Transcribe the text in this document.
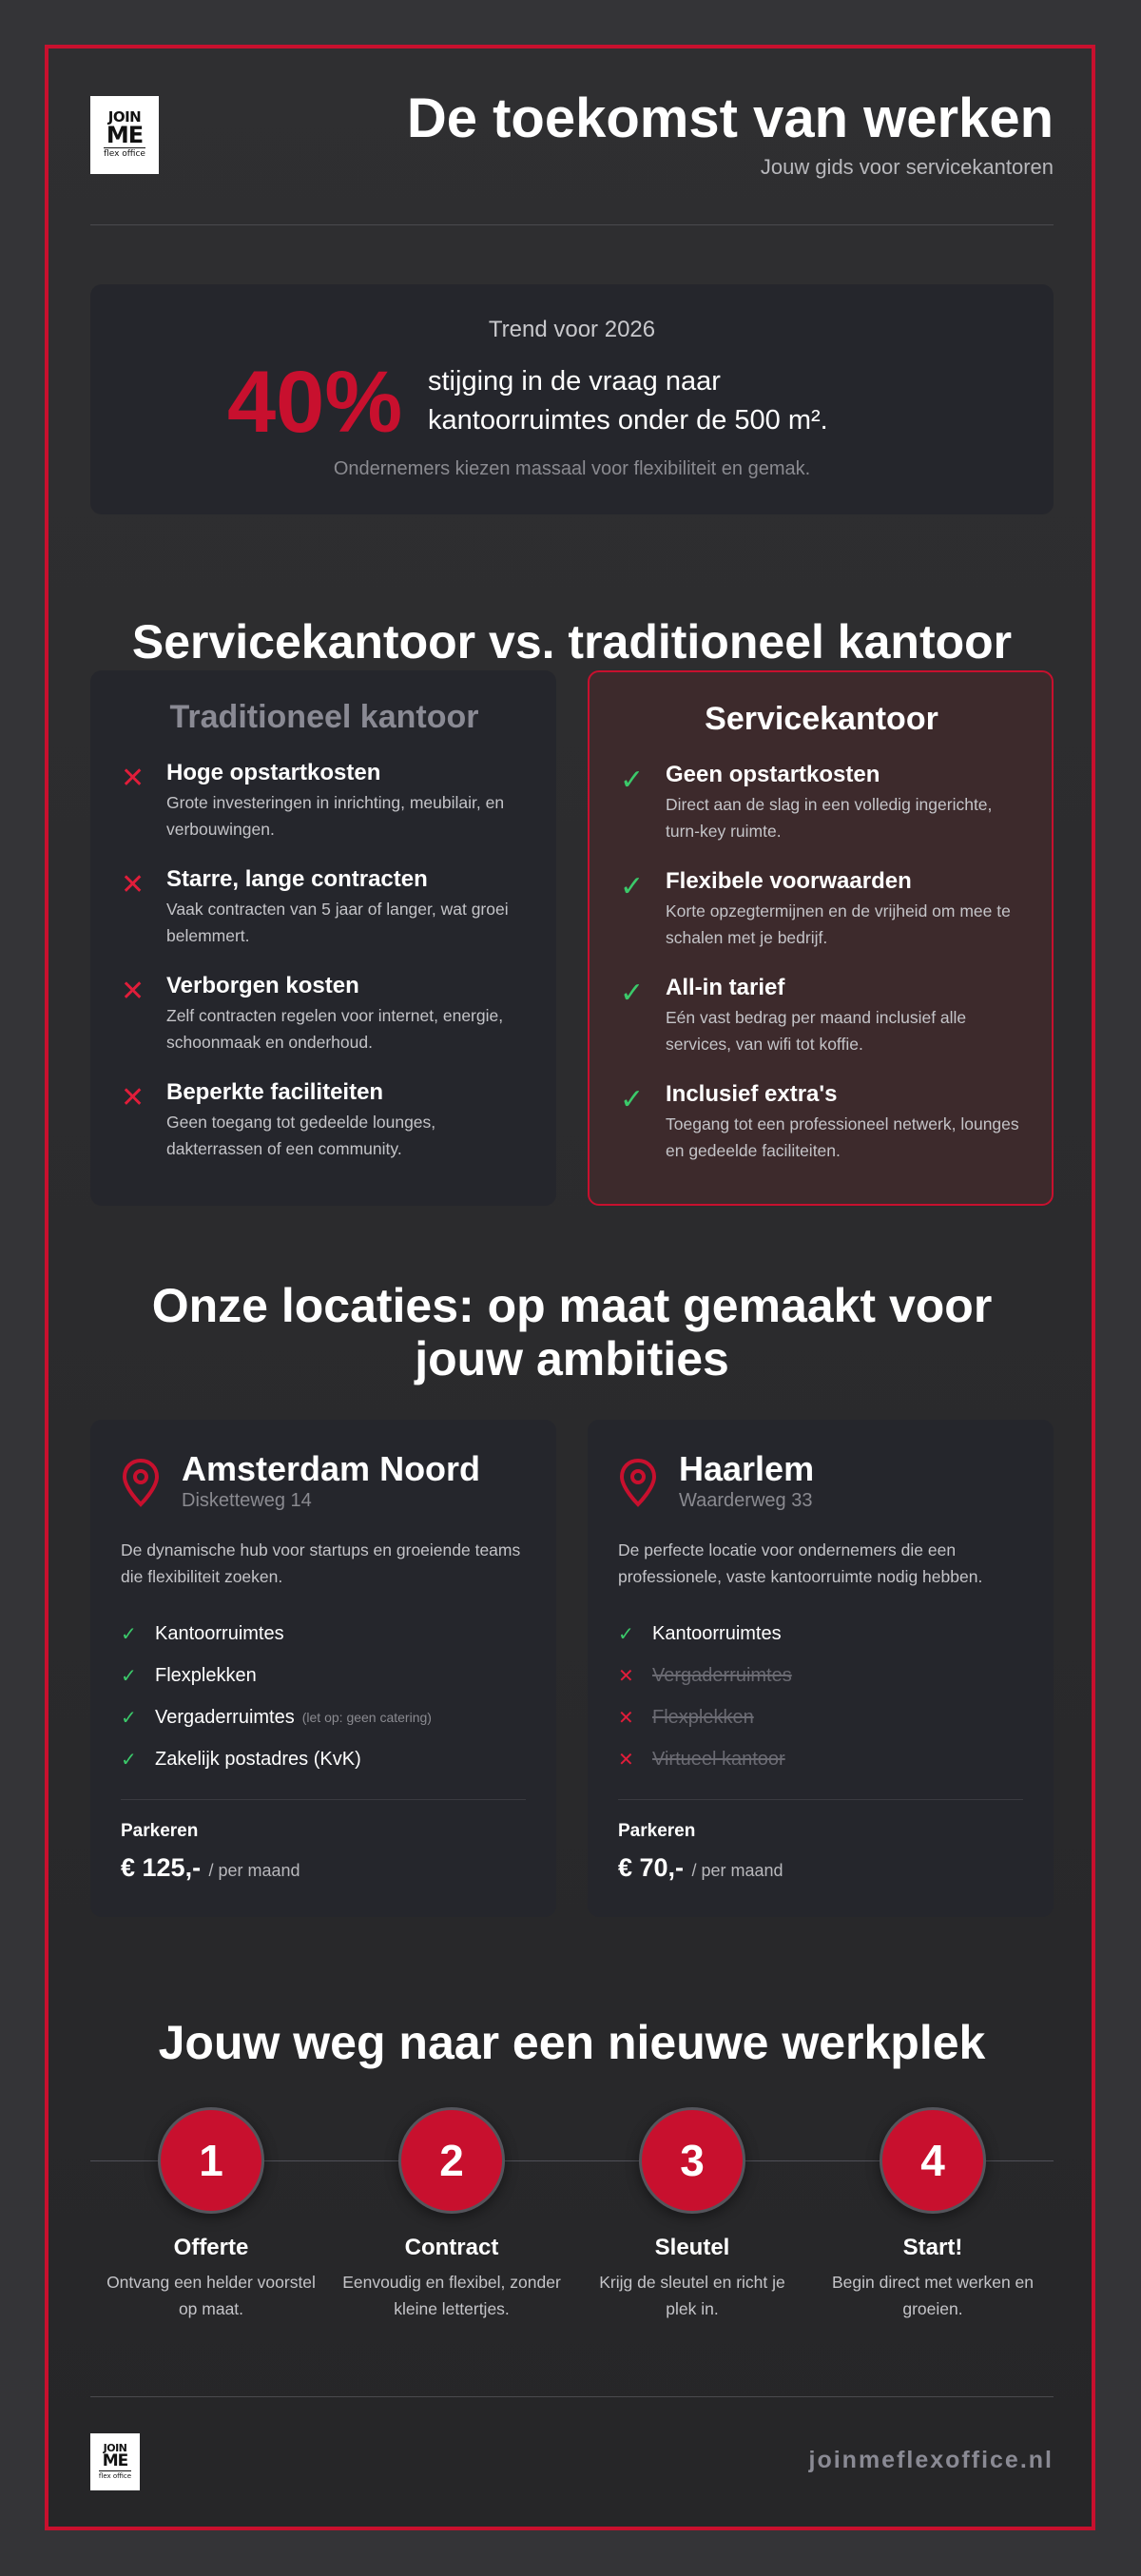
JOIN
ME
flex office
De toekomst van werken
Jouw gids voor servicekantoren
Trend voor 2026
40% stijging in de vraag naar kantoorruimtes onder de 500 m².
Ondernemers kiezen massaal voor flexibiliteit en gemak.
Servicekantoor vs. traditioneel kantoor
Traditioneel kantoor
✕ Hoge opstartkosten
Grote investeringen in inrichting, meubilair, en verbouwingen.
✕ Starre, lange contracten
Vaak contracten van 5 jaar of langer, wat groei belemmert.
✕ Verborgen kosten
Zelf contracten regelen voor internet, energie, schoonmaak en onderhoud.
✕ Beperkte faciliteiten
Geen toegang tot gedeelde lounges, dakterrassen of een community.
Servicekantoor
✓ Geen opstartkosten
Direct aan de slag in een volledig ingerichte, turn-key ruimte.
✓ Flexibele voorwaarden
Korte opzegtermijnen en de vrijheid om mee te schalen met je bedrijf.
✓ All-in tarief
Eén vast bedrag per maand inclusief alle services, van wifi tot koffie.
✓ Inclusief extra's
Toegang tot een professioneel netwerk, lounges en gedeelde faciliteiten.
Onze locaties: op maat gemaakt voor jouw ambities
Amsterdam Noord
Disketteweg 14
De dynamische hub voor startups en groeiende teams die flexibiliteit zoeken.
✓ Kantoorruimtes
✓ Flexplekken
✓ Vergaderruimtes (let op: geen catering)
✓ Zakelijk postadres (KvK)
Parkeren
€ 125,- / per maand
Haarlem
Waarderweg 33
De perfecte locatie voor ondernemers die een professionele, vaste kantoorruimte nodig hebben.
✓ Kantoorruimtes
✕ Vergaderruimtes
✕ Flexplekken
✕ Virtueel kantoor
Parkeren
€ 70,- / per maand
Jouw weg naar een nieuwe werkplek
1
Offerte
Ontvang een helder voorstel op maat.
2
Contract
Eenvoudig en flexibel, zonder kleine lettertjes.
3
Sleutel
Krijg de sleutel en richt je plek in.
4
Start!
Begin direct met werken en groeien.
JOIN
ME
flex office
joinmeflexoffice.nl
